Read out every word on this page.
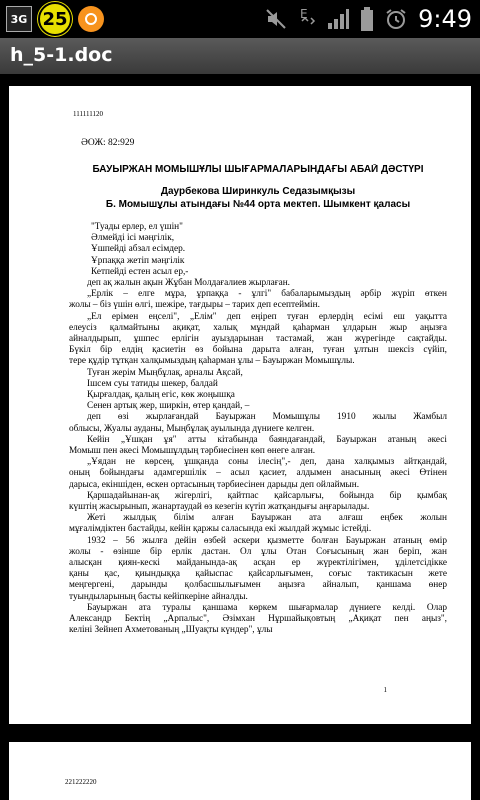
3G 25	E	9:49
h_5-1.doc
111111120
ӘОЖ: 82:929
БАУЫРЖАН МОМЫШҰЛЫ ШЫҒАРМАЛАРЫНДАҒЫ АБАЙ ДӘСТҮРІ
Даурбекова Ширинкуль Седазымқызы
Б. Момышұлы атындағы №44 орта мектеп. Шымкент қаласы
"Туады ерлер, ел үшін"
Әлмейді ісі мәңгілік,
Ұшпейді абзал есімдер.
Ұрпаққа жетіп мәңгілік
Кетпейді естен асыл ер,-
деп ақ жалын ақын Жұбан Молдағалиев жырлаған.
„Ерлік – елге мұра, ұрпаққа - ұлгі" бабаларымыздың әрбір жүріп өткен
жолы – біз үшін өлгі, шежіре, тағдыры – тарих деп есептеймін.
„Ел ерімен еңселі", „Елім" деп еңіреп туған ерлердің есімі еш уақытта
елеусіз қалмайтыны ақиқат, халық мұндай қаһарман ұлдарын жыр аңызға
айналдырып, ұшпес ерлігін ауыздарынан тастамай, жан жүрегінде сақтайды.
Бүкіл бір елдің қасиетін өз бойына дарыта алған, туған ұлтын шексіз сүйіп,
тере құдір тұтқан халқымыздың қаһарман ұлы – Бауыржан Момышұлы.
Туған жерім Мыңбұлақ, арналы Ақсай,
Ішсем суы татиды шекер, балдай
Қырғалдақ, қалың егіс, көк жоңышқа
Сенен артық жер, ширкін, өтер қандай, –
деп өзі жырлағандай Бауыржан Момышұлы 1910 жылы Жамбыл
облысы, Жуалы ауданы, Мыңбұлақ ауылында дүниеге келген.
Кейін „Ұшқан ұя" атты кітабында баяндағандай, Бауыржан атаның әкесі
Момыш пен әкесі Момышұлдың тәрбиесінен көп өнеге алған.
„Ұядан не көрсең, ұшқанда соны ілесің",- деп, дана халқымыз айтқандай,
оның бойындағы адамгершілік – асыл қасиет, алдымен анасының әкесі Өтінен
дарыса, екіншіден, өскен ортасының тәрбиесінен дарыды деп ойлаймын.
Қаршадайынан-ақ жігерлігі, қайтпас қайсарлығы, бойында бір қымбақ
күштің жасырынып, жанартаудай өз кезегін күтіп жатқандығы аңғарылады.
Жеті жылдық білім алған Бауыржан ата алғаш еңбек жолын
мұғалімдіктен бастайды, кейін қаржы саласында екі жылдай жұмыс істейді.
1932 – 56 жылға дейін өзбей әскери қызметте болған Бауыржан атаның өмір
жолы - өзінше бір ерлік дастан. Ол ұлы Отан Соғысының жан беріп, жан
алысқан қиян-кескі майданында-ақ асқан ер жүректілігімен, ұділетсідікке
қаны қас, қиындыққа қайыспас қайсарлығымен, соғыс тактикасын жете
меңгергені, дарынды қолбасшылығымен аңызға айналып, қаншама өнер
туындыларының басты кейіпкеріне айналды.
Бауыржан ата туралы қаншама көркем шығармалар дүниеге келді. Олар
Александр Бектің „Арпалыс", Әзімхан Нұршайықовтың „Ақиқат пен аңыз",
келіні Зейнеп Ахметованың „Шуақты күндер", ұлы
1
221222220
